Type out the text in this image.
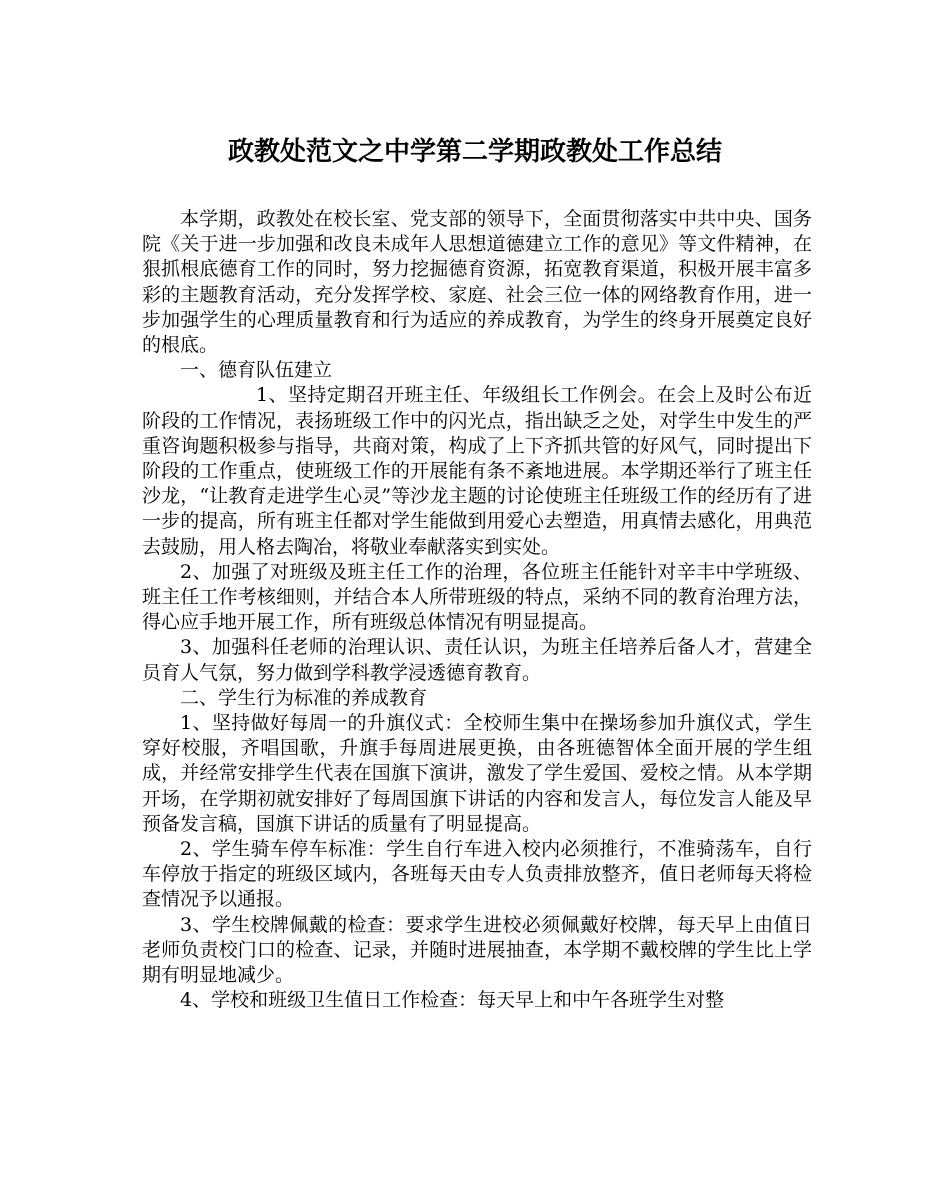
政教处范文之中学第二学期政教处工作总结

本学期，政教处在校长室、党支部的领导下，全面贯彻落实中共中央、国务院《关于进一步加强和改良未成年人思想道德建立工作的意见》等文件精神，在狠抓根底德育工作的同时，努力挖掘德育资源，拓宽教育渠道，积极开展丰富多彩的主题教育活动，充分发挥学校、家庭、社会三位一体的网络教育作用，进一步加强学生的心理质量教育和行为适应的养成教育，为学生的终身开展奠定良好的根底。

一、德育队伍建立

1、坚持定期召开班主任、年级组长工作例会。在会上及时公布近阶段的工作情况，表扬班级工作中的闪光点，指出缺乏之处，对学生中发生的严重咨询题积极参与指导，共商对策，构成了上下齐抓共管的好风气，同时提出下阶段的工作重点，使班级工作的开展能有条不紊地进展。本学期还举行了班主任沙龙，“让教育走进学生心灵”等沙龙主题的讨论使班主任班级工作的经历有了进一步的提高，所有班主任都对学生能做到用爱心去塑造，用真情去感化，用典范去鼓励，用人格去陶冶，将敬业奉献落实到实处。

2、加强了对班级及班主任工作的治理，各位班主任能针对辛丰中学班级、班主任工作考核细则，并结合本人所带班级的特点，采纳不同的教育治理方法，得心应手地开展工作，所有班级总体情况有明显提高。

3、加强科任老师的治理认识、责任认识，为班主任培养后备人才，营建全员育人气氛，努力做到学科教学浸透德育教育。

二、学生行为标准的养成教育

1、坚持做好每周一的升旗仪式：全校师生集中在操场参加升旗仪式，学生穿好校服，齐唱国歌，升旗手每周进展更换，由各班德智体全面开展的学生组成，并经常安排学生代表在国旗下演讲，激发了学生爱国、爱校之情。从本学期开场，在学期初就安排好了每周国旗下讲话的内容和发言人，每位发言人能及早预备发言稿，国旗下讲话的质量有了明显提高。

2、学生骑车停车标准：学生自行车进入校内必须推行，不准骑荡车，自行车停放于指定的班级区域内，各班每天由专人负责排放整齐，值日老师每天将检查情况予以通报。

3、学生校牌佩戴的检查：要求学生进校必须佩戴好校牌，每天早上由值日老师负责校门口的检查、记录，并随时进展抽查，本学期不戴校牌的学生比上学期有明显地减少。

4、学校和班级卫生值日工作检查：每天早上和中午各班学生对整
